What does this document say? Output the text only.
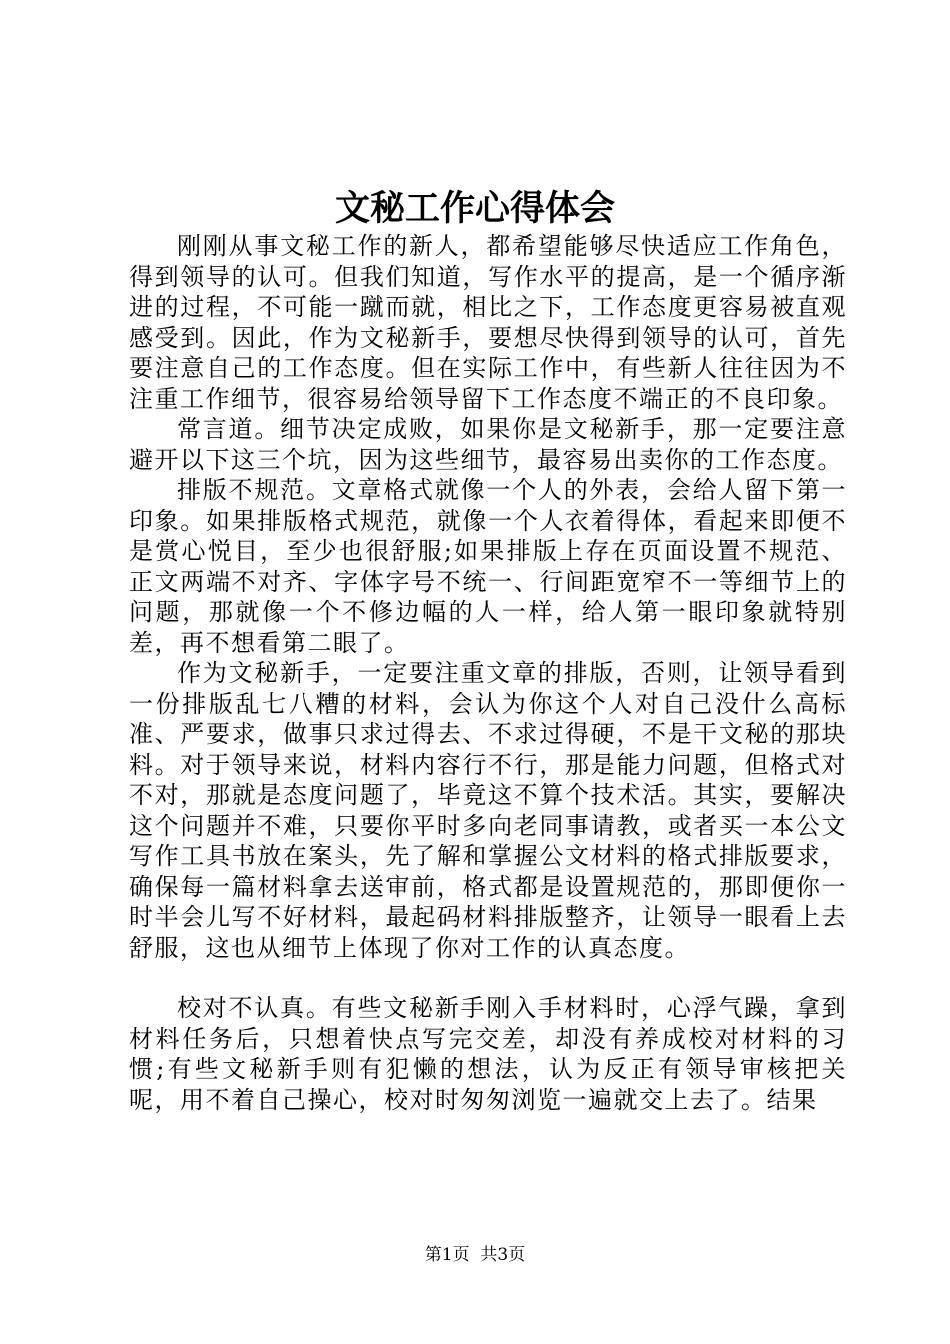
文秘工作心得体会

刚刚从事文秘工作的新人，都希望能够尽快适应工作角色，得到领导的认可。但我们知道，写作水平的提高，是一个循序渐进的过程，不可能一蹴而就，相比之下，工作态度更容易被直观感受到。因此，作为文秘新手，要想尽快得到领导的认可，首先要注意自己的工作态度。但在实际工作中，有些新人往往因为不注重工作细节，很容易给领导留下工作态度不端正的不良印象。

常言道。细节决定成败，如果你是文秘新手，那一定要注意避开以下这三个坑，因为这些细节，最容易出卖你的工作态度。

排版不规范。文章格式就像一个人的外表，会给人留下第一印象。如果排版格式规范，就像一个人衣着得体，看起来即便不是赏心悦目，至少也很舒服;如果排版上存在页面设置不规范、正文两端不对齐、字体字号不统一、行间距宽窄不一等细节上的问题，那就像一个不修边幅的人一样，给人第一眼印象就特别差，再不想看第二眼了。

作为文秘新手，一定要注重文章的排版，否则，让领导看到一份排版乱七八糟的材料，会认为你这个人对自己没什么高标准、严要求，做事只求过得去、不求过得硬，不是干文秘的那块料。对于领导来说，材料内容行不行，那是能力问题，但格式对不对，那就是态度问题了，毕竟这不算个技术活。其实，要解决这个问题并不难，只要你平时多向老同事请教，或者买一本公文写作工具书放在案头，先了解和掌握公文材料的格式排版要求，确保每一篇材料拿去送审前，格式都是设置规范的，那即便你一时半会儿写不好材料，最起码材料排版整齐，让领导一眼看上去舒服，这也从细节上体现了你对工作的认真态度。

校对不认真。有些文秘新手刚入手材料时，心浮气躁，拿到材料任务后，只想着快点写完交差，却没有养成校对材料的习惯;有些文秘新手则有犯懒的想法，认为反正有领导审核把关呢，用不着自己操心，校对时匆匆浏览一遍就交上去了。结果

第1页 共3页
